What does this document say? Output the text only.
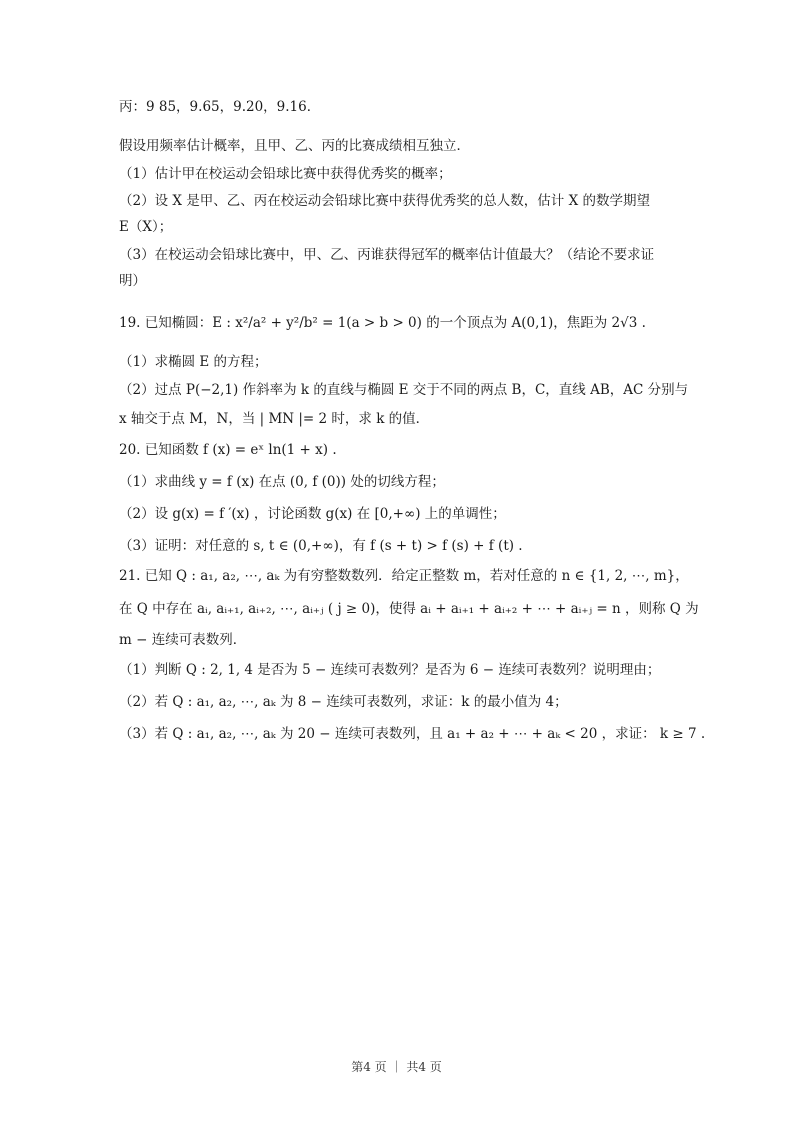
丙：9 85，9.65，9.20，9.16．
假设用频率估计概率，且甲、乙、丙的比赛成绩相互独立．
（1）估计甲在校运动会铅球比赛中获得优秀奖的概率；
（2）设 X 是甲、乙、丙在校运动会铅球比赛中获得优秀奖的总人数，估计 X 的数学期望
E（X）；
（3）在校运动会铅球比赛中，甲、乙、丙谁获得冠军的概率估计值最大？（结论不要求证
明）
19. 已知椭圆：E : x²/a² + y²/b² = 1(a > b > 0) 的一个顶点为 A(0,1)，焦距为 2√3 .
（1）求椭圆 E 的方程；
（2）过点 P(−2,1) 作斜率为 k 的直线与椭圆 E 交于不同的两点 B，C，直线 AB，AC 分别与
x 轴交于点 M，N，当 | MN |= 2 时，求 k 的值．
20. 已知函数 f (x) = eˣ ln(1 + x) .
（1）求曲线 y = f (x) 在点 (0, f (0)) 处的切线方程；
（2）设 g(x) = f ′(x) ，讨论函数 g(x) 在 [0,+∞) 上的单调性；
（3）证明：对任意的 s, t ∈ (0,+∞)，有 f (s + t) > f (s) + f (t) .
21. 已知 Q : a₁, a₂, ⋯, aₖ 为有穷整数数列．给定正整数 m，若对任意的 n ∈ {1, 2, ⋯, m}，
在 Q 中存在 aᵢ, aᵢ₊₁, aᵢ₊₂, ⋯, aᵢ₊ⱼ ( j ≥ 0)，使得 aᵢ + aᵢ₊₁ + aᵢ₊₂ + ⋯ + aᵢ₊ⱼ = n ，则称 Q 为
m − 连续可表数列．
（1）判断 Q : 2, 1, 4 是否为 5 − 连续可表数列？是否为 6 − 连续可表数列？说明理由；
（2）若 Q : a₁, a₂, ⋯, aₖ 为 8 − 连续可表数列，求证：k 的最小值为 4；
（3）若 Q : a₁, a₂, ⋯, aₖ 为 20 − 连续可表数列，且 a₁ + a₂ + ⋯ + aₖ < 20 ，求证： k ≥ 7 .
第4 页 ｜ 共4 页
